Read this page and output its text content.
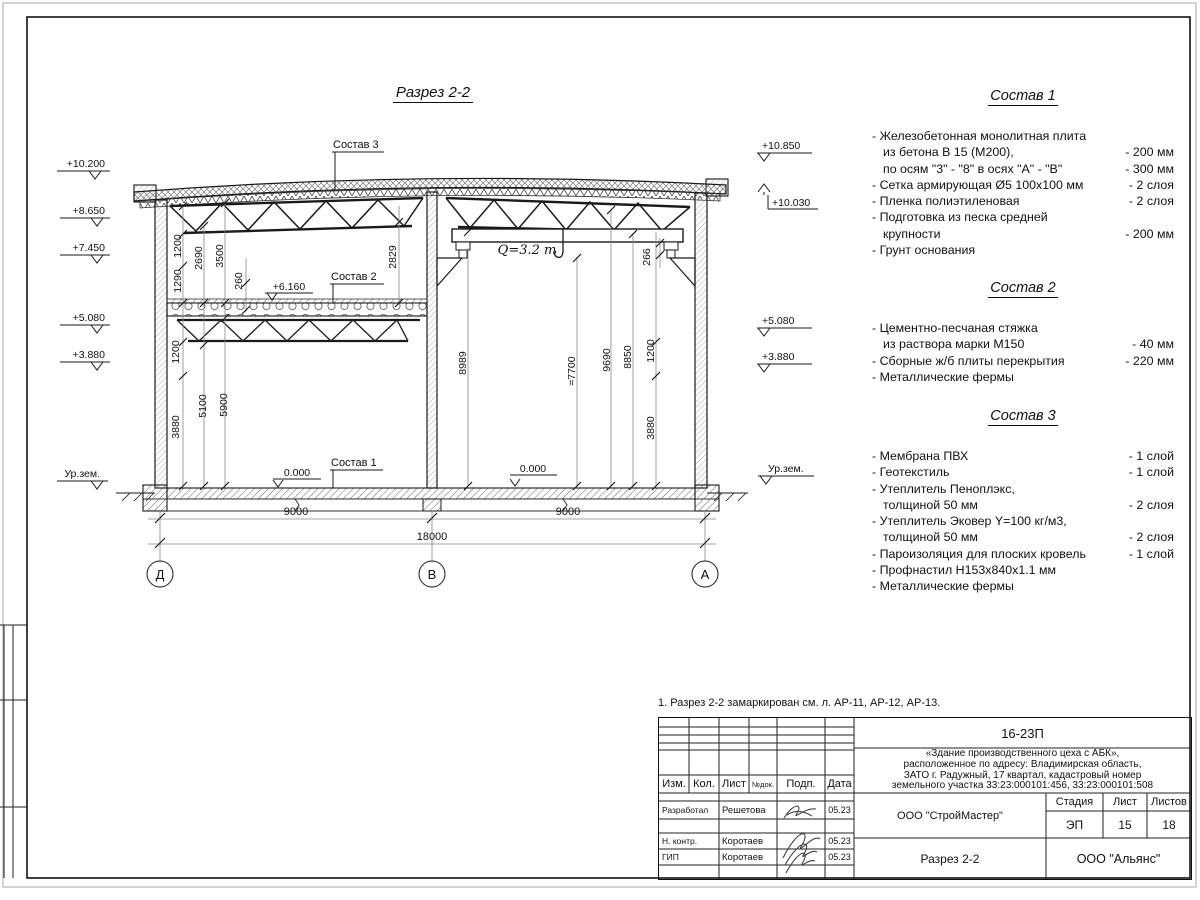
1200
2690 3500
1290	260
2829
1200
3880
5100 5900
8989	≈7700 9690 8850 1200
3880
266
9000	9000
18000
Д	В	А
+10.200
+8.650
+7.450
+5.080
+3.880
Ур.зем.
+10.850
+10.030
+5.080
+3.880
Ур.зем.
+6.160
0.000	0.000
Состав 3
Состав 2
Состав 1
Q=3.2 т
Разрез 2-2	Состав 1
- Железобетонная монолитная плита
из бетона В 15 (М200),	- 200 мм
по осям "3" - "8" в осях "А" - "В"	- 300 мм
- Сетка армирующая Ø5 100х100 мм	- 2 слоя
- Пленка полиэтиленовая	- 2 слоя
- Подготовка из песка средней
крупности	- 200 мм
- Грунт основания
Состав 2
- Цементно-песчаная стяжка
из раствора марки М150	- 40 мм
- Сборные ж/б плиты перекрытия	- 220 мм
- Металлические фермы
Состав 3
- Мембрана ПВХ	- 1 слой
- Геотекстиль	- 1 слой
- Утеплитель Пеноплэкс,
толщиной 50 мм	- 2 слоя
- Утеплитель Эковер Y=100 кг/м3,
толщиной 50 мм	- 2 слоя
- Пароизоляция для плоских кровель	- 1 слой
- Профнастил Н153х840х1.1 мм
- Металлические фермы
1. Разрез 2-2 замаркирован см. л. АР-11, АР-12, АР-13.
Изм. Кол. Лист №док.	Подп.	Дата
Разработал	Решетова	05.23
Н. контр.	Коротаев	05.23
ГИП	Коротаев	05.23
16-23П
«Здание производственного цеха с АБК»,
расположенное по адресу: Владимирская область,
ЗАТО г. Радужный, 17 квартал, кадастровый номер
земельного участка 33:23:000101:456, 33:23:000101:508
ООО "СтройМастер"
Стадия	Лист	Листов
ЭП	15	18
Разрез 2-2	ООО "Альянс"
